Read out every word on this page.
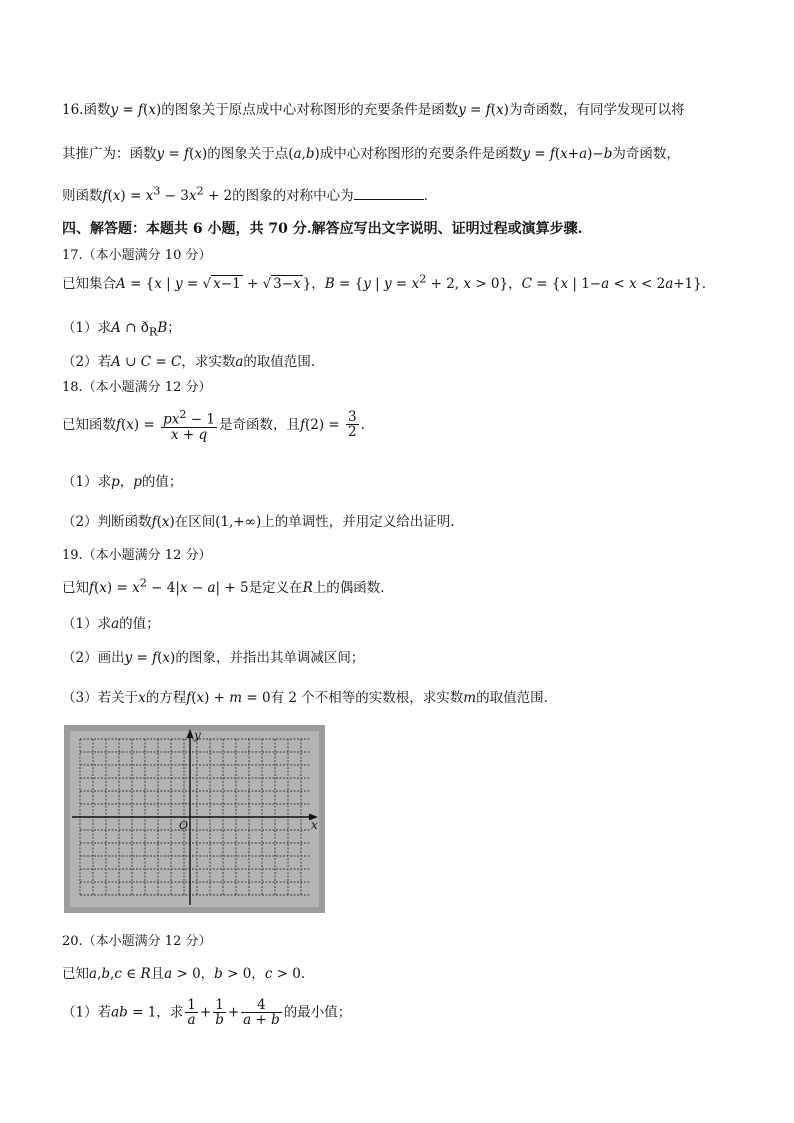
16.函数y = f(x)的图象关于原点成中心对称图形的充要条件是函数y = f(x)为奇函数，有同学发现可以将
其推广为：函数y = f(x)的图象关于点(a,b)成中心对称图形的充要条件是函数y = f(x+a)−b为奇函数，
则函数$f(x) = x^3 - 3x^2 + 2$的图象的对称中心为	.
四、解答题：本题共 6 小题，共 70 分.解答应写出文字说明、证明过程或演算步骤.
17.（本小题满分 10 分）
已知集合A = {x | y = √ x−1 + √ 3−x }，B = {y | $y = x^2 + 2$, x > 0}，C = {x | 1−a < x < 2a+1}.
（1）求A ∩ $ð_RB$；
（2）若A ∪ C = C，求实数a的取值范围.
18.（本小题满分 12 分）
已知函数$f(x) = \frac{px^2 - 1}{x + q}$ 是奇函数，且$f(2) = \frac{3}{2}$ .
（1）求p，p的值；
（2）判断函数f(x)在区间(1,+∞)上的单调性，并用定义给出证明.
19.（本小题满分 12 分）
已知$f(x) = x^2 - 4|x - a| + 5$是定义在R上的偶函数.
（1）求a的值；
（2）画出y = f(x)的图象，并指出其单调减区间；
（3）若关于x的方程f(x) + m = 0有 2 个不相等的实数根，求实数m的取值范围.
y
x
O
20.（本小题满分 12 分）
已知a,b,c ∈ R且a > 0，b > 0，c > 0.
（1）若ab = 1，求 $\frac{1}{a} + \frac{1}{b} + \frac{4}{a + b}$ 的最小值；
